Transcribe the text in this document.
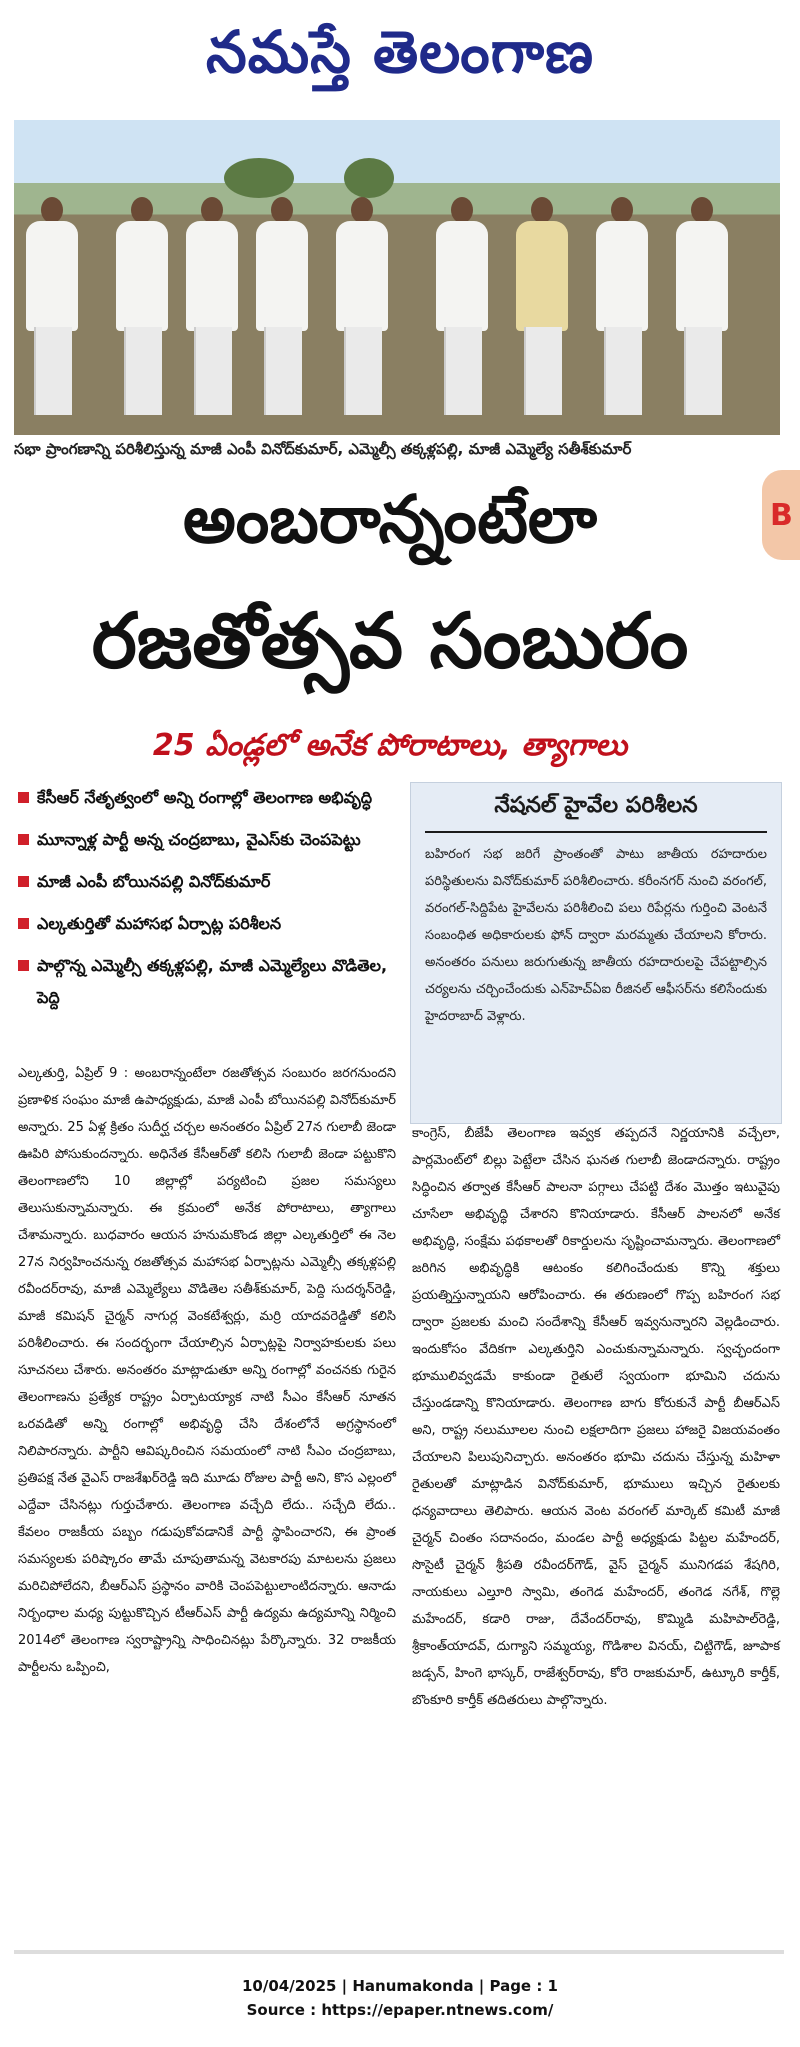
నమస్తే తెలంగాణ
సభా ప్రాంగణాన్ని పరిశీలిస్తున్న మాజీ ఎంపీ వినోద్‌కుమార్, ఎమ్మెల్సీ తక్కళ్లపల్లి, మాజీ ఎమ్మెల్యే సతీశ్‌కుమార్
B
అంబరాన్నంటేలా
రజతోత్సవ సంబురం
25 ఏండ్లలో అనేక పోరాటాలు, త్యాగాలు
కేసీఆర్ నేతృత్వంలో అన్ని రంగాల్లో తెలంగాణ అభివృద్ధి
మూన్నాళ్ల పార్టీ అన్న చంద్రబాబు, వైఎస్‌కు చెంపపెట్టు
మాజీ ఎంపీ బోయినపల్లి వినోద్‌కుమార్
ఎల్కతుర్తితో మహాసభ ఏర్పాట్ల పరిశీలన
పాల్గొన్న ఎమ్మెల్సీ తక్కళ్లపల్లి, మాజీ ఎమ్మెల్యేలు వొడితెల, పెద్ది
నేషనల్ హైవేల పరిశీలన
బహిరంగ సభ జరిగే ప్రాంతంతో పాటు జాతీయ రహదారుల పరిస్థితులను వినోద్‌కుమార్ పరిశీలించారు. కరీంనగర్ నుంచి వరంగల్, వరంగల్-సిద్దిపేట హైవేలను పరిశీలించి పలు రిపేర్లను గుర్తించి వెంటనే సంబంధిత అధికారులకు ఫోన్ ద్వారా మరమ్మతు చేయాలని కోరారు. అనంతరం పనులు జరుగుతున్న జాతీయ రహదారులపై చేపట్టాల్సిన చర్యలను చర్చించేందుకు ఎన్‌హెచ్‌ఏఐ రీజినల్ ఆఫీసర్‌ను కలిసేందుకు హైదరాబాద్ వెళ్లారు.
ఎల్కతుర్తి, ఏప్రిల్ 9 : అంబరాన్నంటేలా రజతోత్సవ సంబురం జరగనుందని ప్రణాళిక సంఘం మాజీ ఉపాధ్యక్షుడు, మాజీ ఎంపీ బోయినపల్లి వినోద్‌కుమార్ అన్నారు. 25 ఏళ్ల క్రితం సుదీర్ఘ చర్చల అనంతరం ఏప్రిల్ 27న గులాబీ జెండా ఊపిరి పోసుకుందన్నారు. అధినేత కేసీఆర్‌తో కలిసి గులాబీ జెండా పట్టుకొని తెలంగాణలోని 10 జిల్లాల్లో పర్యటించి ప్రజల సమస్యలు తెలుసుకున్నామన్నారు. ఈ క్రమంలో అనేక పోరాటాలు, త్యాగాలు చేశామన్నారు. బుధవారం ఆయన హనుమకొండ జిల్లా ఎల్కతుర్తిలో ఈ నెల 27న నిర్వహించనున్న రజతోత్సవ మహాసభ ఏర్పాట్లను ఎమ్మెల్సీ తక్కళ్లపల్లి రవీందర్‌రావు, మాజీ ఎమ్మెల్యేలు వొడితెల సతీశ్‌కుమార్, పెద్ది సుదర్శన్‌రెడ్డి, మాజీ కమిషన్ చైర్మన్ నాగుర్ల వెంకటేశ్వర్లు, మర్రి యాదవరెడ్డితో కలిసి పరిశీలించారు. ఈ సందర్భంగా చేయాల్సిన ఏర్పాట్లపై నిర్వాహకులకు పలు సూచనలు చేశారు. అనంతరం మాట్లాడుతూ అన్ని రంగాల్లో వంచనకు గురైన తెలంగాణను ప్రత్యేక రాష్ట్రం ఏర్పాటయ్యాక నాటి సీఎం కేసీఆర్ నూతన ఒరవడితో అన్ని రంగాల్లో అభివృద్ధి చేసి దేశంలోనే అగ్రస్థానంలో నిలిపారన్నారు. పార్టీని ఆవిష్కరించిన సమయంలో నాటి సీఎం చంద్రబాబు, ప్రతిపక్ష నేత వైఎస్ రాజశేఖర్‌రెడ్డి ఇది మూడు రోజుల పార్టీ అని, కొస ఎల్లంలో ఎద్దేవా చేసినట్లు గుర్తుచేశారు. తెలంగాణ వచ్చేది లేదు.. సచ్చేది లేదు.. కేవలం రాజకీయ పబ్బం గడుపుకోవడానికే పార్టీ స్థాపించారని, ఈ ప్రాంత సమస్యలకు పరిష్కారం తామే చూపుతామన్న వెటకారపు మాటలను ప్రజలు మరిచిపోలేదని, బీఆర్‌ఎస్ ప్రస్థానం వారికి చెంపపెట్టులాంటిదన్నారు. ఆనాడు నిర్బంధాల మధ్య పుట్టుకొచ్చిన టీఆర్‌ఎస్ పార్టీ ఉద్యమ ఉద్యమాన్ని నిర్మించి 2014లో తెలంగాణ స్వరాష్ట్రాన్ని సాధించినట్లు పేర్కొన్నారు. 32 రాజకీయ పార్టీలను ఒప్పించి,
కాంగ్రెస్, బీజేపీ తెలంగాణ ఇవ్వక తప్పదనే నిర్ణయానికి వచ్చేలా, పార్లమెంట్‌లో బిల్లు పెట్టేలా చేసిన ఘనత గులాబీ జెండాదన్నారు. రాష్ట్రం సిద్ధించిన తర్వాత కేసీఆర్ పాలనా పగ్గాలు చేపట్టి దేశం మొత్తం ఇటువైపు చూసేలా అభివృద్ధి చేశారని కొనియాడారు. కేసీఆర్ పాలనలో అనేక అభివృద్ధి, సంక్షేమ పథకాలతో రికార్డులను సృష్టించామన్నారు. తెలంగాణలో జరిగిన అభివృద్ధికి ఆటంకం కలిగించేందుకు కొన్ని శక్తులు ప్రయత్నిస్తున్నాయని ఆరోపించారు. ఈ తరుణంలో గొప్ప బహిరంగ సభ ద్వారా ప్రజలకు మంచి సందేశాన్ని కేసీఆర్ ఇవ్వనున్నారని వెల్లడించారు. ఇందుకోసం వేదికగా ఎల్కతుర్తిని ఎంచుకున్నామన్నారు. స్వచ్ఛందంగా భూములివ్వడమే కాకుండా రైతులే స్వయంగా భూమిని చదును చేస్తుండడాన్ని కొనియాడారు. తెలంగాణ బాగు కోరుకునే పార్టీ బీఆర్‌ఎస్ అని, రాష్ట్ర నలుమూలల నుంచి లక్షలాదిగా ప్రజలు హాజరై విజయవంతం చేయాలని పిలుపునిచ్చారు. అనంతరం భూమి చదును చేస్తున్న మహిళా రైతులతో మాట్లాడిన వినోద్‌కుమార్, భూములు ఇచ్చిన రైతులకు ధన్యవాదాలు తెలిపారు. ఆయన వెంట వరంగల్ మార్కెట్ కమిటీ మాజీ చైర్మన్ చింతం సదానందం, మండల పార్టీ అధ్యక్షుడు పిట్టల మహేందర్, సొసైటీ చైర్మన్ శ్రీపతి రవీందర్‌గౌడ్, వైస్ చైర్మన్ మునిగడప శేషగిరి, నాయకులు ఎల్తూరి స్వామి, తంగెడ మహేందర్, తంగెడ నగేశ్, గొల్లె మహేందర్, కడారి రాజు, దేవేందర్‌రావు, కొమ్మిడి మహిపాల్‌రెడ్డి, శ్రీకాంత్‌యాదవ్, దుగ్యాని సమ్మయ్య, గొడిశాల వినయ్, చిట్టిగౌడ్, జూపాక జడ్సన్, హింగె భాస్కర్, రాజేశ్వర్‌రావు, కోరె రాజకుమార్, ఉట్కూరి కార్తీక్, బొంకూరి కార్తీక్ తదితరులు పాల్గొన్నారు.
10/04/2025 | Hanumakonda | Page : 1
Source : https://epaper.ntnews.com/
